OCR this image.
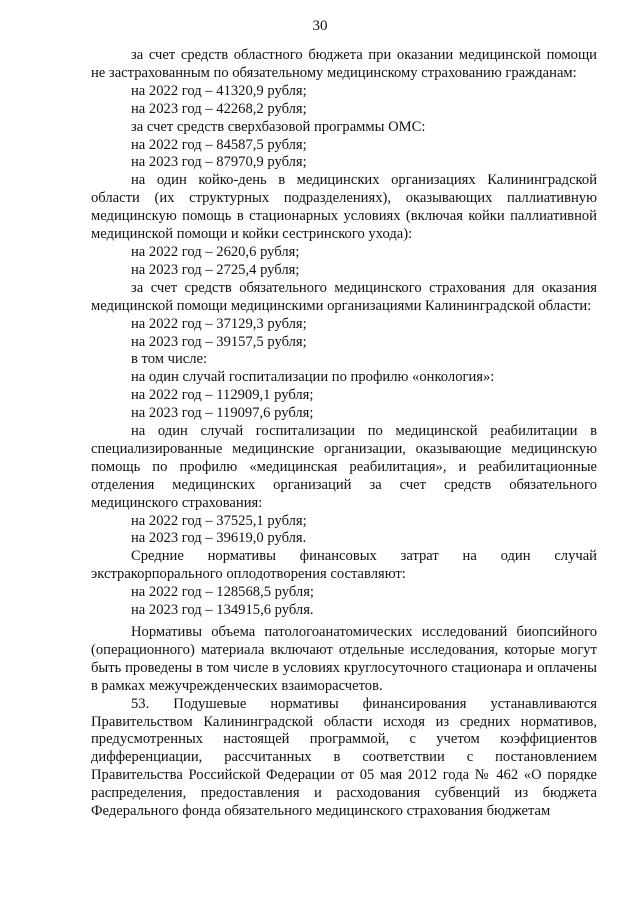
30

за счет средств областного бюджета при оказании медицинской помощи не застрахованным по обязательному медицинскому страхованию гражданам:

на 2022 год – 41320,9 рубля;

на 2023 год – 42268,2 рубля;

за счет средств сверхбазовой программы ОМС:

на 2022 год – 84587,5 рубля;

на 2023 год – 87970,9 рубля;

на один койко-день в медицинских организациях Калининградской области (их структурных подразделениях), оказывающих паллиативную медицинскую помощь в стационарных условиях (включая койки паллиативной медицинской помощи и койки сестринского ухода):

на 2022 год – 2620,6 рубля;

на 2023 год – 2725,4 рубля;

за счет средств обязательного медицинского страхования для оказания медицинской помощи медицинскими организациями Калининградской области:

на 2022 год – 37129,3 рубля;

на 2023 год – 39157,5 рубля;

в том числе:

на один случай госпитализации по профилю «онкология»:

на 2022 год – 112909,1 рубля;

на 2023 год – 119097,6 рубля;

на один случай госпитализации по медицинской реабилитации в специализированные медицинские организации, оказывающие медицинскую помощь по профилю «медицинская реабилитация», и реабилитационные отделения медицинских организаций за счет средств обязательного медицинского страхования:

на 2022 год – 37525,1 рубля;

на 2023 год – 39619,0 рубля.

Средние нормативы финансовых затрат на один случай экстракорпорального оплодотворения составляют:

на 2022 год – 128568,5 рубля;

на 2023 год – 134915,6 рубля.

Нормативы объема патологоанатомических исследований биопсийного (операционного) материала включают отдельные исследования, которые могут быть проведены в том числе в условиях круглосуточного стационара и оплачены в рамках межучрежденческих взаиморасчетов.

53. Подушевые нормативы финансирования устанавливаются Правительством Калининградской области исходя из средних нормативов, предусмотренных настоящей программой, с учетом коэффициентов дифференциации, рассчитанных в соответствии с постановлением Правительства Российской Федерации от 05 мая 2012 года № 462 «О порядке распределения, предоставления и расходования субвенций из бюджета Федерального фонда обязательного медицинского страхования бюджетам
